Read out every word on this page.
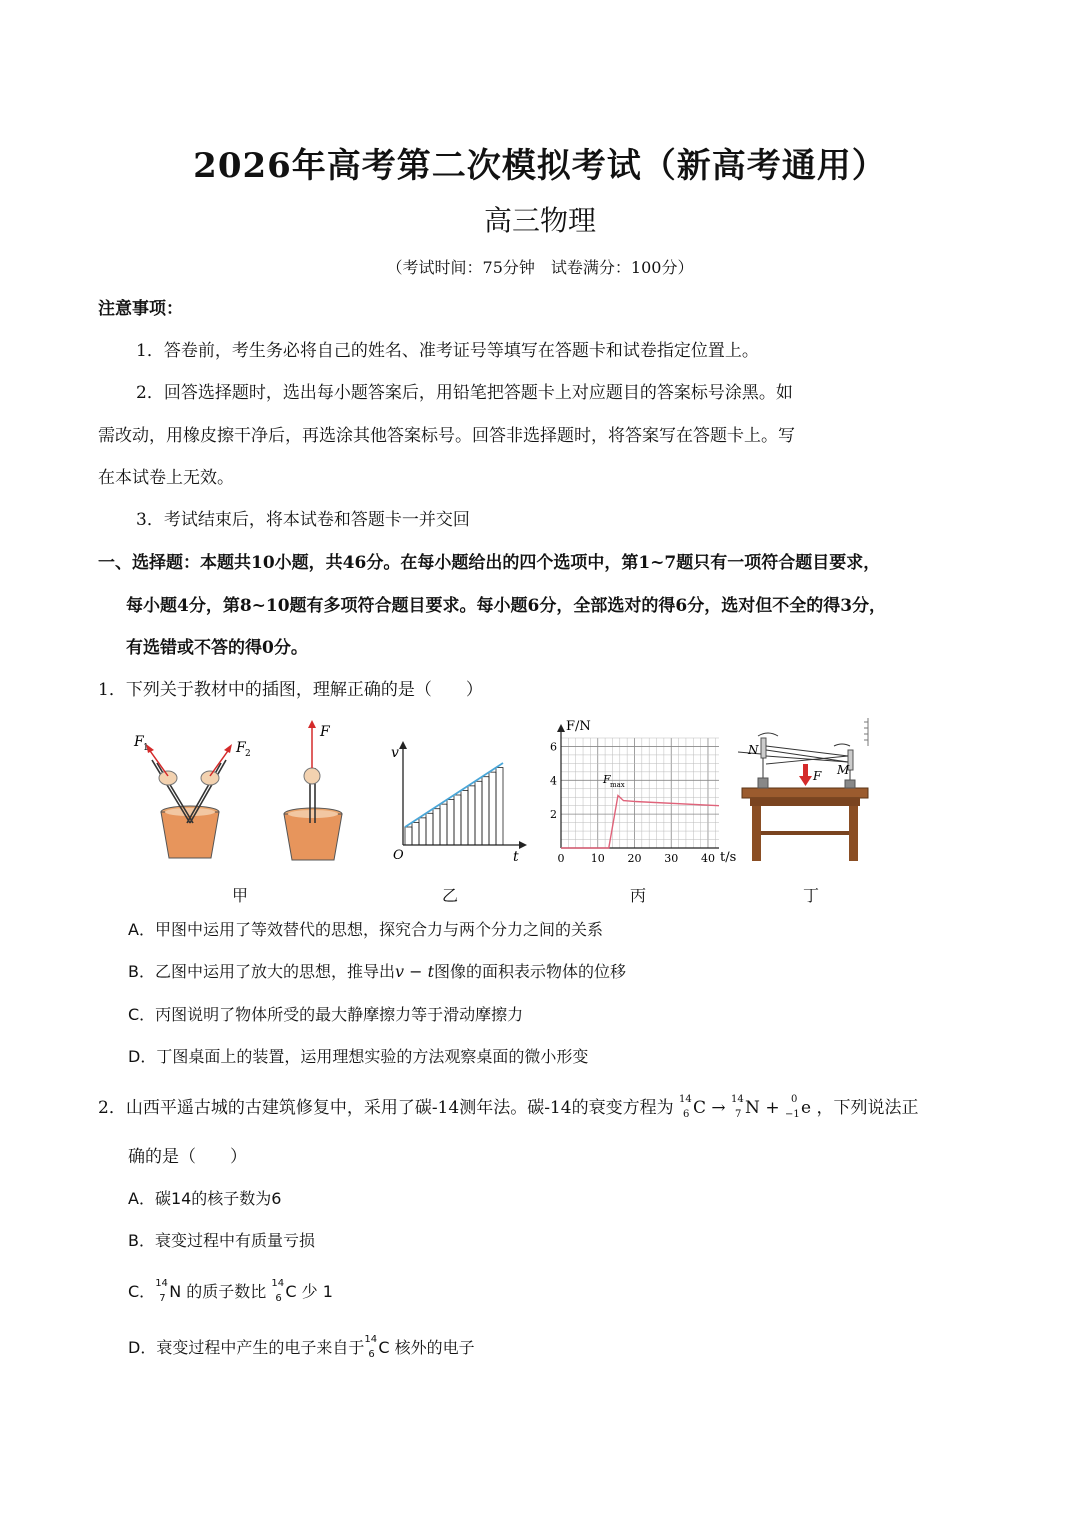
2026年高考第二次模拟考试（新高考通用）
高三物理
（考试时间：75分钟　试卷满分：100分）
注意事项：
1．答卷前，考生务必将自己的姓名、准考证号等填写在答题卡和试卷指定位置上。
2．回答选择题时，选出每小题答案后，用铅笔把答题卡上对应题目的答案标号涂黑。如
需改动，用橡皮擦干净后，再选涂其他答案标号。回答非选择题时，将答案写在答题卡上。写
在本试卷上无效。
3．考试结束后，将本试卷和答题卡一并交回
一、选择题：本题共10小题，共46分。在每小题给出的四个选项中，第1~7题只有一项符合题目要求，
每小题4分，第8~10题有多项符合题目要求。每小题6分，全部选对的得6分，选对但不全的得3分，
有选错或不答的得0分。
1．下列关于教材中的插图，理解正确的是（　　）
F 1	F 2
F
v
t
O	0 10 20 30 40
2
4
6
F/N
t/s
F max
N
M
F
甲	乙	丙	丁
A．甲图中运用了等效替代的思想，探究合力与两个分力之间的关系
B．乙图中运用了放大的思想，推导出v − t图像的面积表示物体的位移
C．丙图说明了物体所受的最大静摩擦力等于滑动摩擦力
D．丁图桌面上的装置，运用理想实验的方法观察桌面的微小形变
2．山西平遥古城的古建筑修复中，采用了碳-14测年法。碳-14的衰变方程为 14
6 C → 14
7 N + 0
−1 e ，下列说法正
确的是（　　）
A．碳14的核子数为6
B．衰变过程中有质量亏损
C． 14
7 N 的质子数比 14
6 C 少 1
D．衰变过程中产生的电子来自于 14
6 C 核外的电子
